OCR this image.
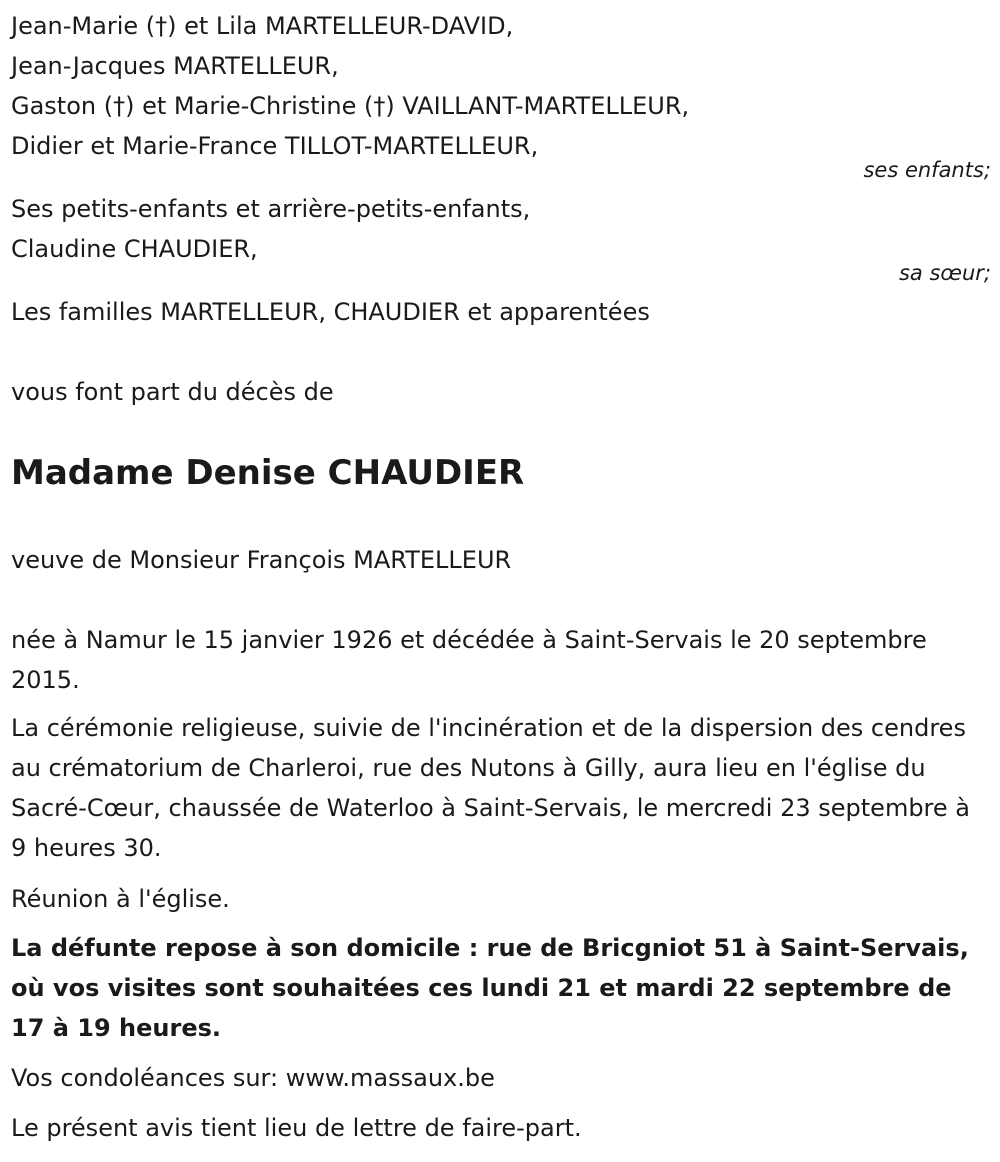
Jean-Marie (†) et Lila MARTELLEUR-DAVID,
Jean-Jacques MARTELLEUR,
Gaston (†) et Marie-Christine (†) VAILLANT-MARTELLEUR,
Didier et Marie-France TILLOT-MARTELLEUR,
ses enfants;
Ses petits-enfants et arrière-petits-enfants,
Claudine CHAUDIER,
sa sœur;
Les familles MARTELLEUR, CHAUDIER et apparentées
vous font part du décès de
Madame Denise CHAUDIER
veuve de Monsieur François MARTELLEUR
née à Namur le 15 janvier 1926 et décédée à Saint-Servais le 20 septembre 2015.
La cérémonie religieuse, suivie de l'incinération et de la dispersion des cendres au crématorium de Charleroi, rue des Nutons à Gilly, aura lieu en l'église du Sacré-Cœur, chaussée de Waterloo à Saint-Servais, le mercredi 23 septembre à 9 heures 30.
Réunion à l'église.
La défunte repose à son domicile : rue de Bricgniot 51 à Saint-Servais, où vos visites sont souhaitées ces lundi 21 et mardi 22 septembre de 17 à 19 heures.
Vos condoléances sur: www.massaux.be
Le présent avis tient lieu de lettre de faire-part.
